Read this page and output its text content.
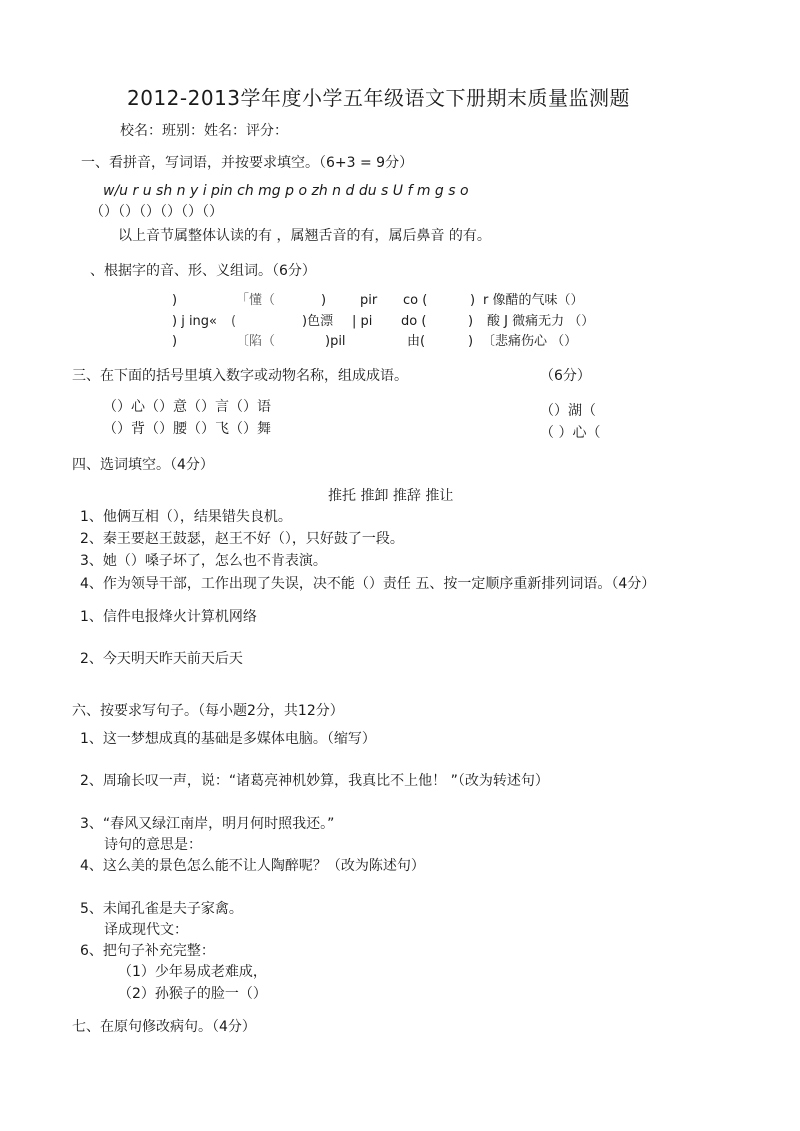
2012-2013学年度小学五年级语文下册期末质量监测题
校名：班别：姓名：评分：
一、看拼音，写词语，并按要求填空。（6+3 = 9分）
w/u r u sh n y i pin ch mg p o zh n d du s U f m g s o
（）（）（）（）（）（）
以上音节属整体认读的有 ，属翘舌音的有，属后鼻音 的有。
、根据字的音、形、义组词。（6分）
)	「懂（	)	pir co (	) r 像醋的气味（）
) j ing« (	)色漂 | pi do (	) 酸 J 微痛无力 （）
)	〔陷（	)pil	由(	) 〔悲痛伤心 （）
三、在下面的括号里填入数字或动物名称，组成成语。	（6分）
（）心（）意（）言（）语
（）背（）腰（）飞（）舞
（）湖（
（ ）心（
四、选词填空。（4分）
推托 推卸 推辞 推让
1、他俩互相（），结果错失良机。
2、秦王要赵王鼓瑟，赵王不好（），只好鼓了一段。
3、她（）嗓子坏了，怎么也不肯表演。
4、作为领导干部，工作出现了失误，决不能（）责任 五、按一定顺序重新排列词语。（4分）
1、信件电报烽火计算机网络
2、今天明天昨天前天后天
六、按要求写句子。（每小题2分，共12分）
1、这一梦想成真的基础是多媒体电脑。（缩写）
2、周瑜长叹一声，说：“诸葛亮神机妙算，我真比不上他！ ”（改为转述句）
3、“春风又绿江南岸，明月何时照我还。”
诗句的意思是：
4、这么美的景色怎么能不让人陶醉呢？（改为陈述句）
5、未闻孔雀是夫子家禽。
译成现代文：
6、把句子补充完整：
（1）少年易成老难成，
（2）孙猴子的脸一（）
七、在原句修改病句。（4分）
